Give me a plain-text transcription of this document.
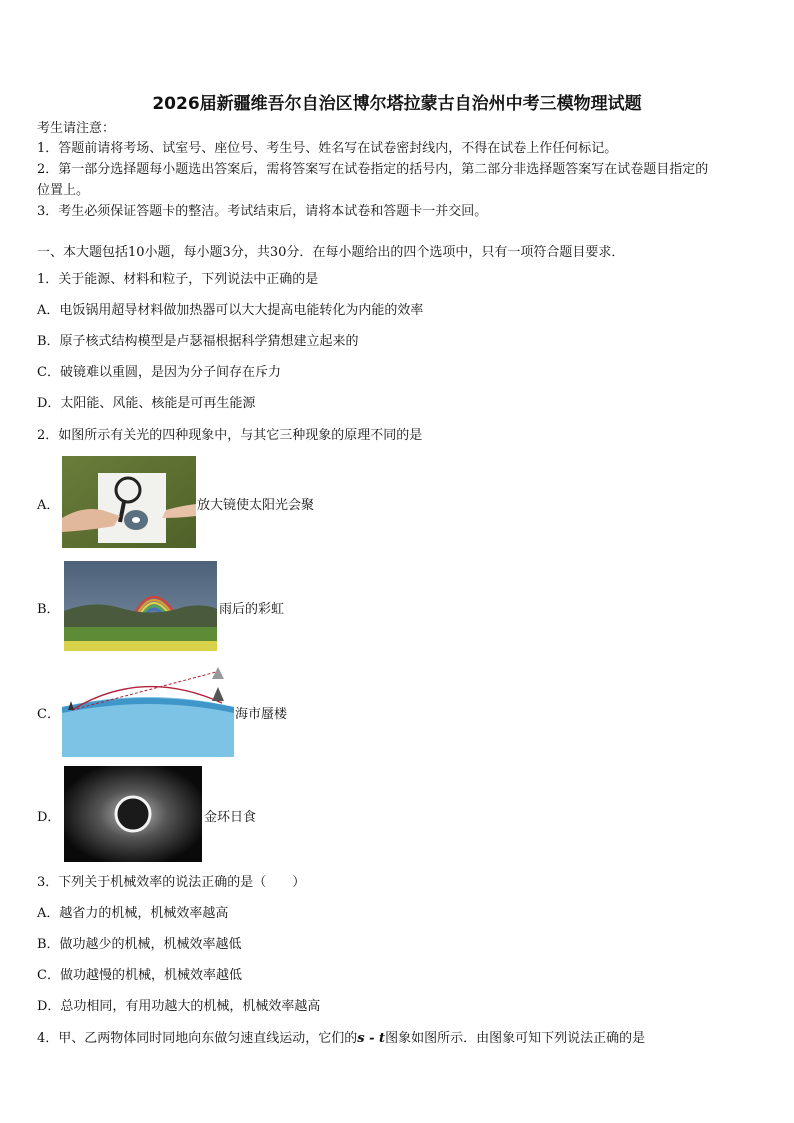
2026届新疆维吾尔自治区博尔塔拉蒙古自治州中考三模物理试题
考生请注意：
1．答题前请将考场、试室号、座位号、考生号、姓名写在试卷密封线内，不得在试卷上作任何标记。
2．第一部分选择题每小题选出答案后，需将答案写在试卷指定的括号内，第二部分非选择题答案写在试卷题目指定的
位置上。
3．考生必须保证答题卡的整洁。考试结束后，请将本试卷和答题卡一并交回。
一、本大题包括10小题，每小题3分，共30分．在每小题给出的四个选项中，只有一项符合题目要求．
1．关于能源、材料和粒子，下列说法中正确的是
A．电饭锅用超导材料做加热器可以大大提高电能转化为内能的效率
B．原子核式结构模型是卢瑟福根据科学猜想建立起来的
C．破镜难以重圆，是因为分子间存在斥力
D．太阳能、风能、核能是可再生能源
2．如图所示有关光的四种现象中，与其它三种现象的原理不同的是
A．	放大镜使太阳光会聚
B．	雨后的彩虹
C．	海市蜃楼
D．	金环日食
3．下列关于机械效率的说法正确的是（　　）
A．越省力的机械，机械效率越高
B．做功越少的机械，机械效率越低
C．做功越慢的机械，机械效率越低
D．总功相同，有用功越大的机械，机械效率越高
4．甲、乙两物体同时同地向东做匀速直线运动，它们的s - t图象如图所示．由图象可知下列说法正确的是
